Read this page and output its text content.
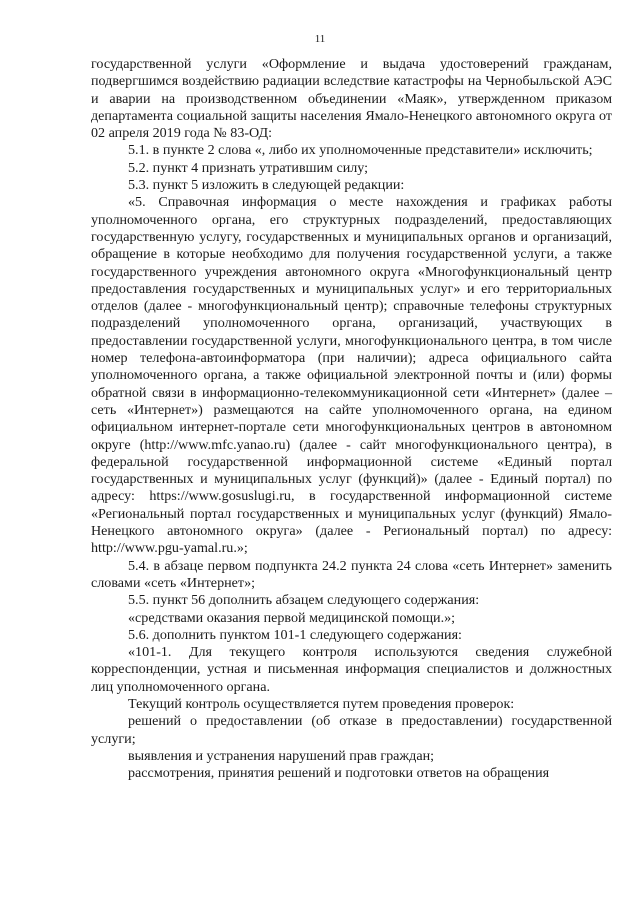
11

государственной услуги «Оформление и выдача удостоверений гражданам, подвергшимся воздействию радиации вследствие катастрофы на Чернобыльской АЭС и аварии на производственном объединении «Маяк», утвержденном приказом департамента социальной защиты населения Ямало-Ненецкого автономного округа от 02 апреля 2019 года № 83-ОД:

5.1. в пункте 2 слова «, либо их уполномоченные представители» исключить;

5.2. пункт 4 признать утратившим силу;

5.3. пункт 5 изложить в следующей редакции:

«5. Справочная информация о месте нахождения и графиках работы уполномоченного органа, его структурных подразделений, предоставляющих государственную услугу, государственных и муниципальных органов и организаций, обращение в которые необходимо для получения государственной услуги, а также государственного учреждения автономного округа «Многофункциональный центр предоставления государственных и муниципальных услуг» и его территориальных отделов (далее - многофункциональный центр); справочные телефоны структурных подразделений уполномоченного органа, организаций, участвующих в предоставлении государственной услуги, многофункционального центра, в том числе номер телефона-автоинформатора (при наличии); адреса официального сайта уполномоченного органа, а также официальной электронной почты и (или) формы обратной связи в информационно-телекоммуникационной сети «Интернет» (далее – сеть «Интернет») размещаются на сайте уполномоченного органа, на едином официальном интернет-портале сети многофункциональных центров в автономном округе (http://www.mfc.yanao.ru) (далее - сайт многофункционального центра), в федеральной государственной информационной системе «Единый портал государственных и муниципальных услуг (функций)» (далее - Единый портал) по адресу: https://www.gosuslugi.ru, в государственной информационной системе «Региональный портал государственных и муниципальных услуг (функций) Ямало-Ненецкого автономного округа» (далее - Региональный портал) по адресу: http://www.pgu-yamal.ru.»;

5.4. в абзаце первом подпункта 24.2 пункта 24 слова «сеть Интернет» заменить словами «сеть «Интернет»;

5.5. пункт 56 дополнить абзацем следующего содержания:

«средствами оказания первой медицинской помощи.»;

5.6. дополнить пунктом 101-1 следующего содержания:

«101-1. Для текущего контроля используются сведения служебной корреспонденции, устная и письменная информация специалистов и должностных лиц уполномоченного органа.

Текущий контроль осуществляется путем проведения проверок:

решений о предоставлении (об отказе в предоставлении) государственной услуги;

выявления и устранения нарушений прав граждан;

рассмотрения, принятия решений и подготовки ответов на обращения
